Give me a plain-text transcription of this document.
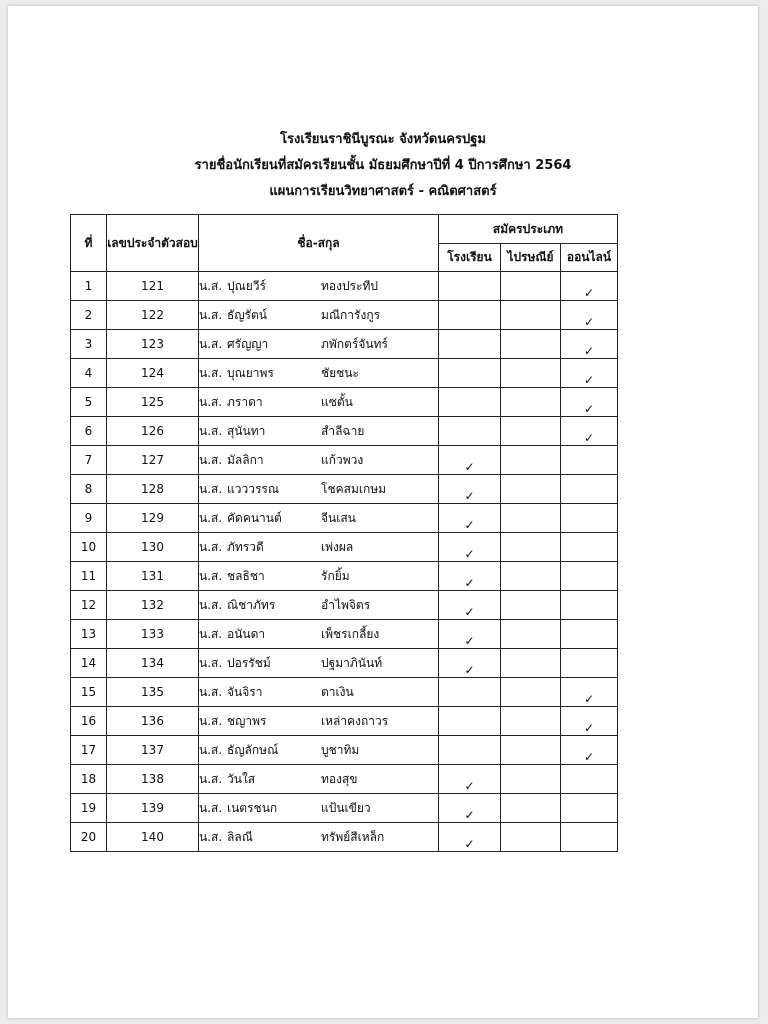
โรงเรียนราชินีบูรณะ จังหวัดนครปฐม
รายชื่อนักเรียนที่สมัครเรียนชั้น มัธยมศึกษาปีที่ 4 ปีการศึกษา 2564
แผนการเรียนวิทยาศาสตร์ - คณิตศาสตร์
ที่	เลขประจำตัวสอบ	ชื่อ-สกุล	สมัครประเภท		
			โรงเรียน	ไปรษณีย์	ออนไลน์
1	121	น.ส. ปุณยวีร์ ทองประทีป			✓
2	122	น.ส. ธัญรัตน์ มณีการังกูร			✓
3	123	น.ส. ศรัญญา ภพักตร์จันทร์			✓
4	124	น.ส. บุณยาพร ชัยชนะ			✓
5	125	น.ส. ภราดา แซตั้น			✓
6	126	น.ส. สุนันทา สำลีฉาย			✓
7	127	น.ส. มัลลิกา แก้วพวง	✓		
8	128	น.ส. แวววรรณ โชคสมเกษม	✓		
9	129	น.ส. คัดคนานต์ จีนเสน	✓		
10	130	น.ส. ภัทรวดี เพ่งผล	✓		
11	131	น.ส. ชลธิชา รักยิ้ม	✓		
12	132	น.ส. ณิชาภัทร อำไพจิตร	✓		
13	133	น.ส. อนันดา เพ็ชรเกลี้ยง	✓		
14	134	น.ส. ปอรรัชม์ ปฐมาภินันท์	✓		
15	135	น.ส. จันจิรา ตาเงิน			✓
16	136	น.ส. ชญาพร เหล่าคงถาวร			✓
17	137	น.ส. ธัญลักษณ์ บูชาทิม			✓
18	138	น.ส. วันใส ทองสุข	✓		
19	139	น.ส. เนตรชนก แป้นเขียว	✓		
20	140	น.ส. ลิลณี ทรัพย์สีเหล็ก	✓		
